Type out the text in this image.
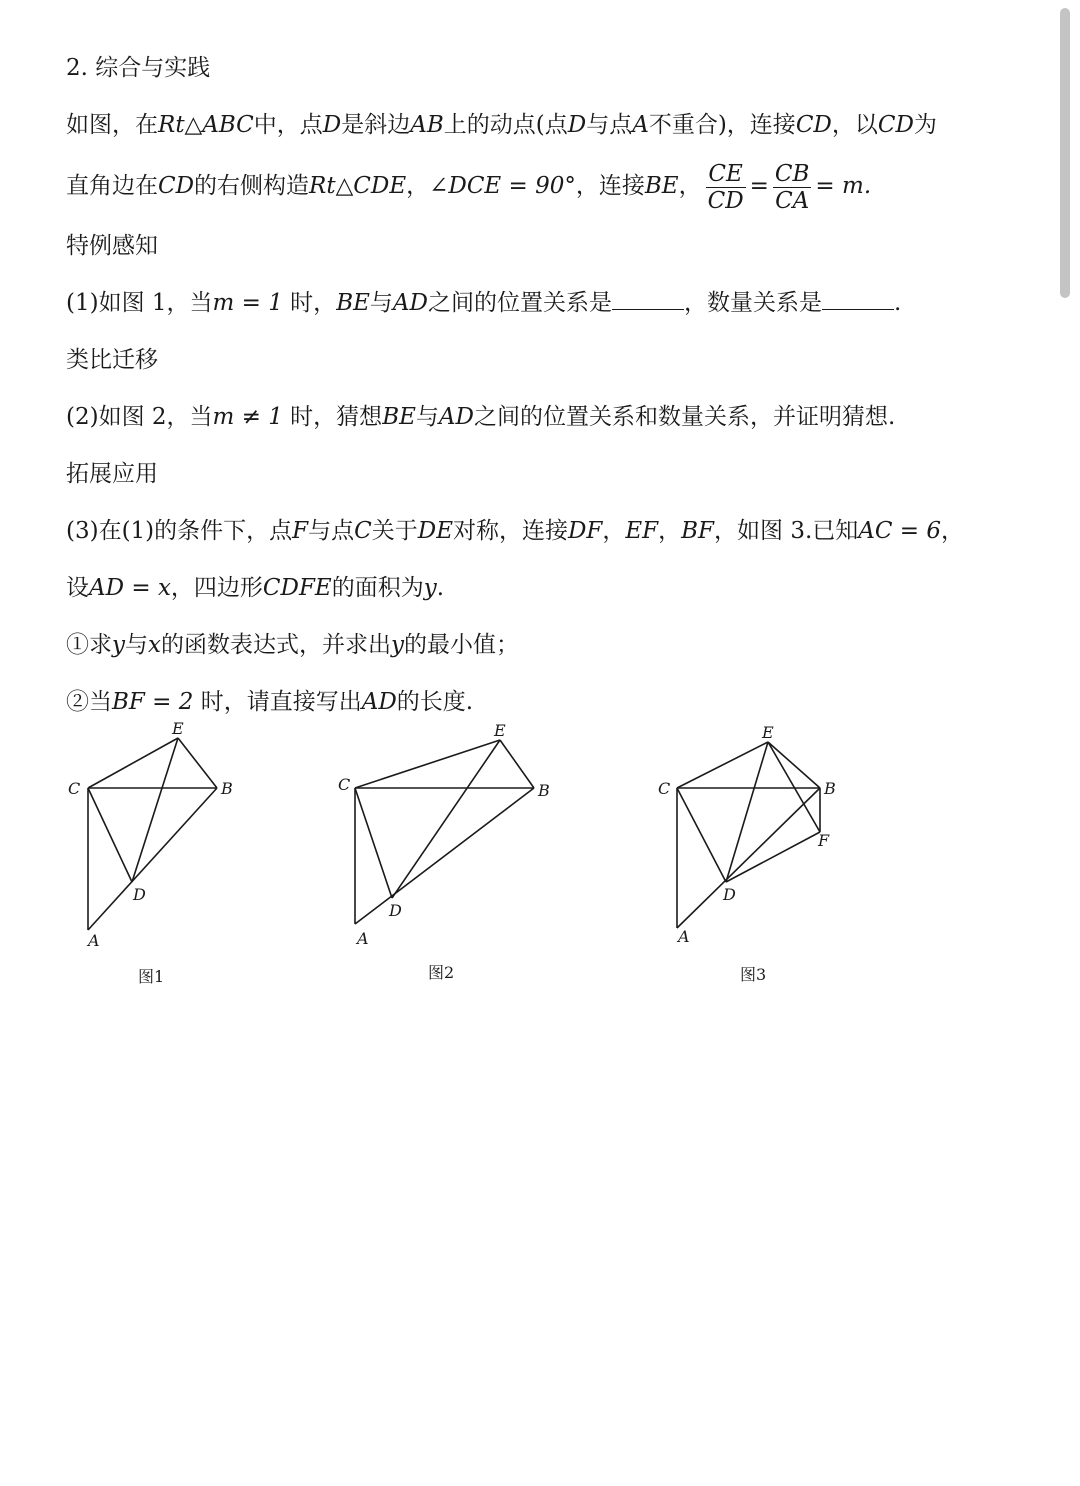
2. 综合与实践
如图，在Rt△ABC中，点D是斜边AB上的动点(点D与点A不重合)，连接CD，以CD为
直角边在CD的右侧构造Rt△CDE，∠DCE = 90°，连接BE， $\frac{CE}{CD} = \frac{CB}{CA} = m$.
特例感知
(1)如图 1，当m = 1 时，BE与AD之间的位置关系是	，数量关系是	.
类比迁移
(2)如图 2，当m ≠ 1 时，猜想BE与AD之间的位置关系和数量关系，并证明猜想.
拓展应用
(3)在(1)的条件下，点F与点C关于DE对称，连接DF，EF，BF，如图 3.已知AC = 6，
设AD = x，四边形CDFE的面积为y.
①求y与x的函数表达式，并求出y的最小值；
②当BF = 2 时，请直接写出AD的长度.
C	B
E
D
A
图1
C	B
E
D
A
图2
C	B
E
D
A
F
图3
